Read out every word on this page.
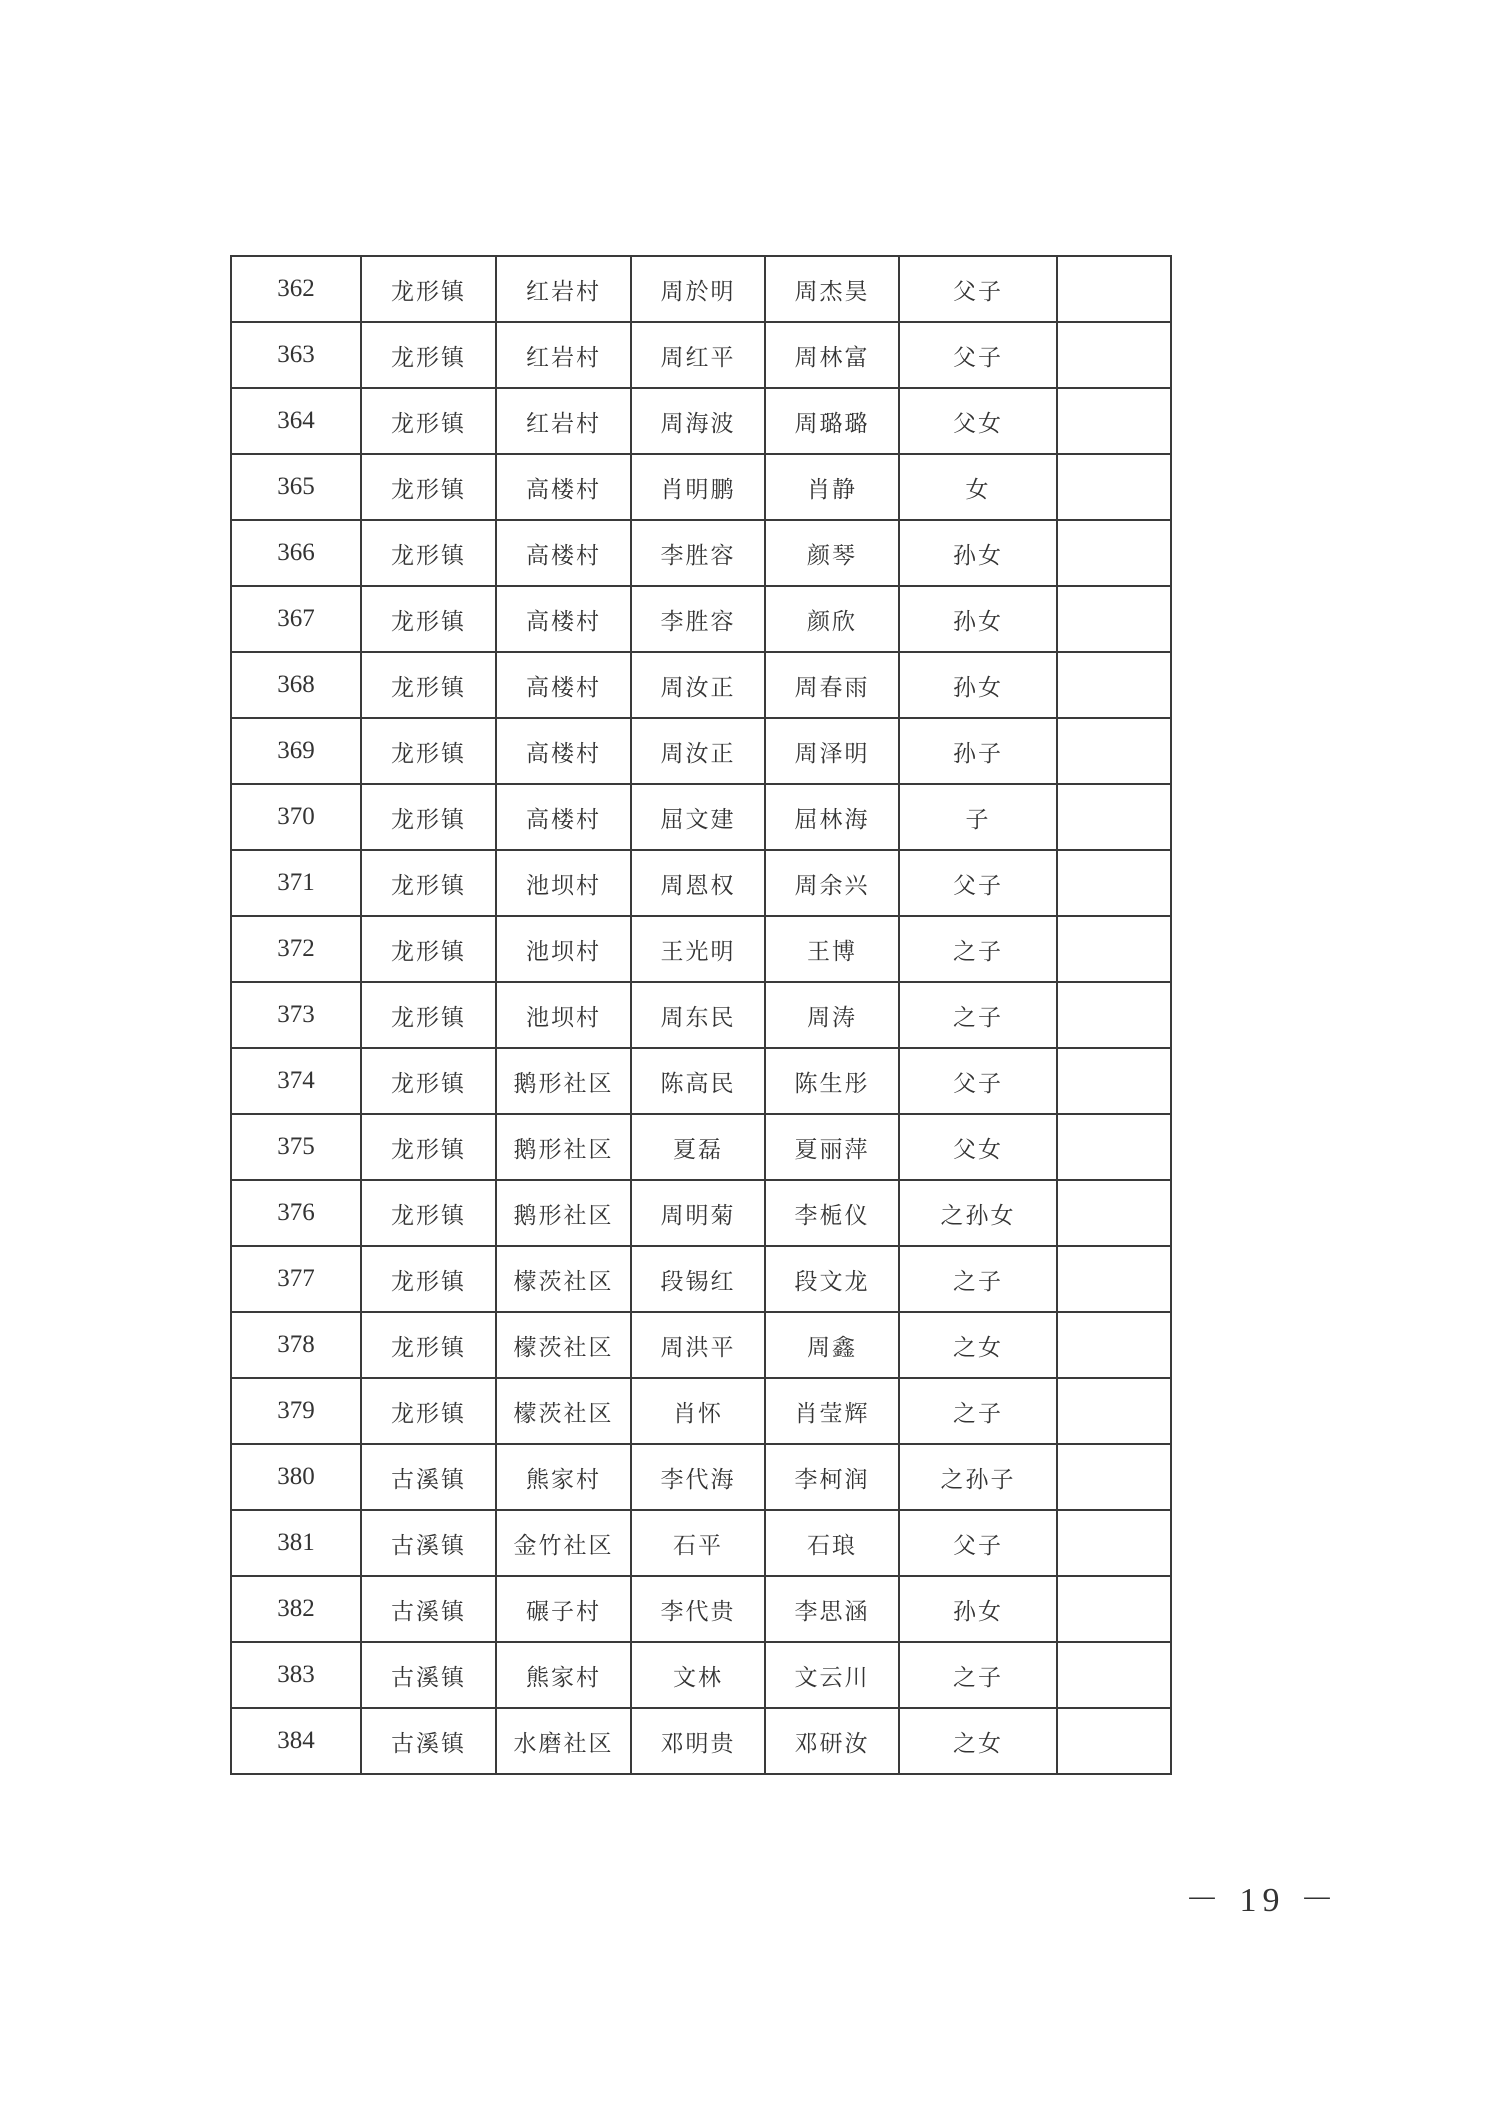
362	龙形镇	红岩村	周於明	周杰昊	父子	
363	龙形镇	红岩村	周红平	周林富	父子	
364	龙形镇	红岩村	周海波	周璐璐	父女	
365	龙形镇	高楼村	肖明鹏	肖静	女	
366	龙形镇	高楼村	李胜容	颜琴	孙女	
367	龙形镇	高楼村	李胜容	颜欣	孙女	
368	龙形镇	高楼村	周汝正	周春雨	孙女	
369	龙形镇	高楼村	周汝正	周泽明	孙子	
370	龙形镇	高楼村	屈文建	屈林海	子	
371	龙形镇	池坝村	周恩权	周余兴	父子	
372	龙形镇	池坝村	王光明	王博	之子	
373	龙形镇	池坝村	周东民	周涛	之子	
374	龙形镇	鹅形社区	陈高民	陈生彤	父子	
375	龙形镇	鹅形社区	夏磊	夏丽萍	父女	
376	龙形镇	鹅形社区	周明菊	李栀仪	之孙女	
377	龙形镇	檬茨社区	段锡红	段文龙	之子	
378	龙形镇	檬茨社区	周洪平	周鑫	之女	
379	龙形镇	檬茨社区	肖怀	肖莹辉	之子	
380	古溪镇	熊家村	李代海	李柯润	之孙子	
381	古溪镇	金竹社区	石平	石琅	父子	
382	古溪镇	碾子村	李代贵	李思涵	孙女	
383	古溪镇	熊家村	文林	文云川	之子	
384	古溪镇	水磨社区	邓明贵	邓研汝	之女	
－ 19 －
